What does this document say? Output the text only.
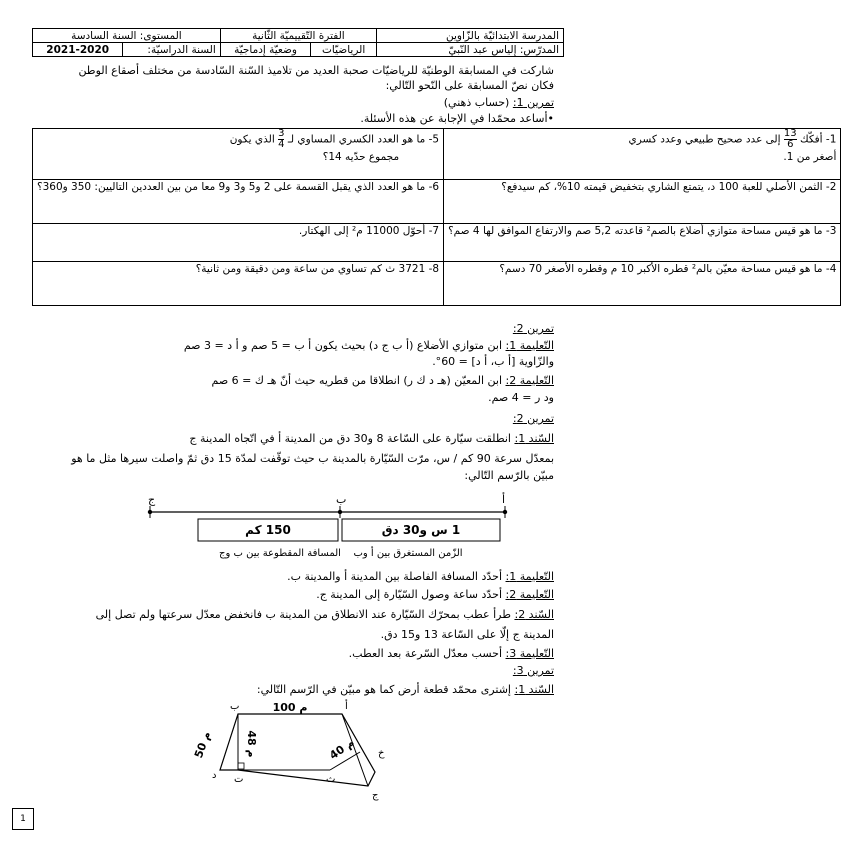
المدرسة الابتدائيّة بالزّاوين	الفترة التّقييميّة الثّانية		المستوى: السنة السادسة	
المدرّس: إلياس عبد النّبيّ	الرياضيّات	وضعيّة إدماجيّة	السنة الدراسيّة:	2021-2020
شاركت في المسابقة الوطنيّة للرياضيّات صحبة العديد من تلاميذ السّنة السّادسة من مختلف أصقاع الوطن
فكان نصّ المسابقة على النّحو التّالي:
تمرين 1: (حساب ذهني)
•أساعد محمّدا في الإجابة عن هذه الأسئلة.
1- أفكّك
$\frac{13}{6}$
إلى عدد صحيح طبيعي وعدد كسري
أصغر من 1.	5- ما هو العدد الكسري المساوي لـ
$\frac{3}{4}$
الذي يكون
مجموع حدّيه 14؟
2- الثمن الأصلي للعبة 100 د، يتمتع الشاري بتخفيض قيمته 10%، كم سيدفع؟	6- ما هو العدد الذي يقبل القسمة على 2 و5 و3 و9 معا من بين العددين التاليين: 350 و360؟
3- ما هو قيس مساحة متوازي أضلاع بالصم² قاعدته 5,2 صم والارتفاع الموافق لها 4 صم؟	7- أحوّل 11000 م² إلى الهكتار.
4- ما هو قيس مساحة معيّن بالم² قطره الأكبر 10 م وقطره الأصغر 70 دسم؟	8- 3721 ث كم تساوي من ساعة ومن دقيقة ومن ثانية؟
تمرين 2:
التّعليمة 1: ابن متوازي الأضلاع (أ ب ج د) بحيث يكون أ ب = 5 صم و أ د = 3 صم
والزّاوية [أ ب، أ د] = 60°.
التّعليمة 2: ابن المعيّن (هـ د ك ر) انطلاقا من قطريه حيث أنّ هـ ك = 6 صم
ود ر = 4 صم.
تمرين 2:
السّند 1: انطلقت سيّارة على السّاعة 8 و30 دق من المدينة أ في اتّجاه المدينة ج
بمعدّل سرعة 90 كم / س، مرّت السّيّارة بالمدينة ب حيث توقّفت لمدّة 15 دق ثمّ واصلت سيرها مثل ما هو
مبيّن بالرّسم التّالي:
ج	ب	أ
150 كم	1 س و30 دق
المسافة المقطوعة بين ب وج الزّمن المستغرق بين أ وب
التّعليمة 1: أحدّد المسافة الفاصلة بين المدينة أ والمدينة ب.
التّعليمة 2: أحدّد ساعة وصول السّيّارة إلى المدينة ج.
السّند 2: طرأ عطب بمحرّك السّيّارة عند الانطلاق من المدينة ب فانخفض معدّل سرعتها ولم تصل إلى
المدينة ج إلّا على السّاعة 13 و15 دق.
التّعليمة 3: أحسب معدّل السّرعة بعد العطب.
تمرين 3:
السّند 1: إشترى محمّد قطعة أرض كما هو مبيّن في الرّسم التّالي:
100 م
50 م	48 م	40 م
أ
ب
ج
د ت	ث
خ
1
